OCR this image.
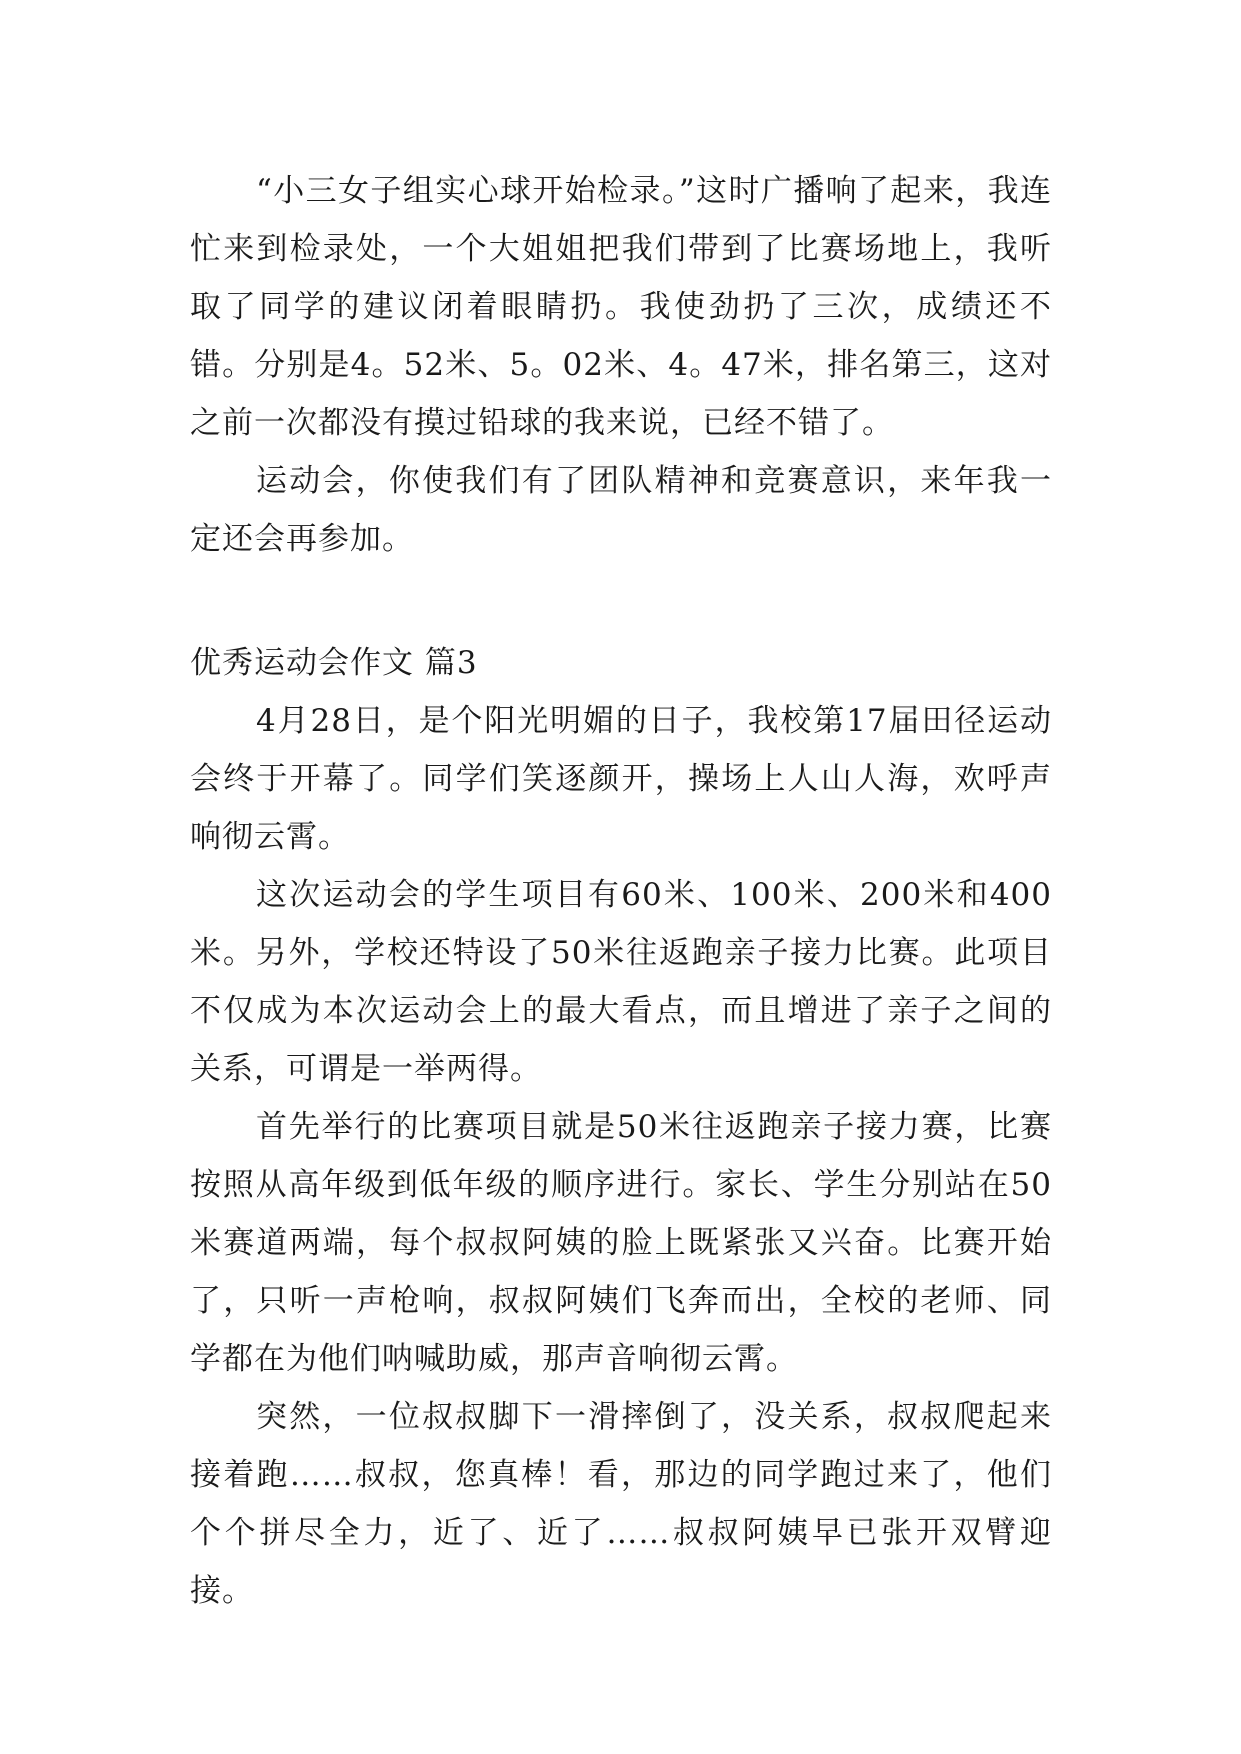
“小三女子组实心球开始检录。”这时广播响了起来，我连忙来到检录处，一个大姐姐把我们带到了比赛场地上，我听取了同学的建议闭着眼睛扔。我使劲扔了三次，成绩还不错。分别是4。52米、5。02米、4。47米，排名第三，这对之前一次都没有摸过铅球的我来说，已经不错了。

运动会，你使我们有了团队精神和竞赛意识，来年我一定还会再参加。

优秀运动会作文 篇3

4月28日，是个阳光明媚的日子，我校第17届田径运动会终于开幕了。同学们笑逐颜开，操场上人山人海，欢呼声响彻云霄。

这次运动会的学生项目有60米、100米、200米和400米。另外，学校还特设了50米往返跑亲子接力比赛。此项目不仅成为本次运动会上的最大看点，而且增进了亲子之间的关系，可谓是一举两得。

首先举行的比赛项目就是50米往返跑亲子接力赛，比赛按照从高年级到低年级的顺序进行。家长、学生分别站在50米赛道两端，每个叔叔阿姨的脸上既紧张又兴奋。比赛开始了，只听一声枪响，叔叔阿姨们飞奔而出，全校的老师、同学都在为他们呐喊助威，那声音响彻云霄。

突然，一位叔叔脚下一滑摔倒了，没关系，叔叔爬起来接着跑……叔叔，您真棒！看，那边的同学跑过来了，他们个个拼尽全力，近了、近了……叔叔阿姨早已张开双臂迎接。
